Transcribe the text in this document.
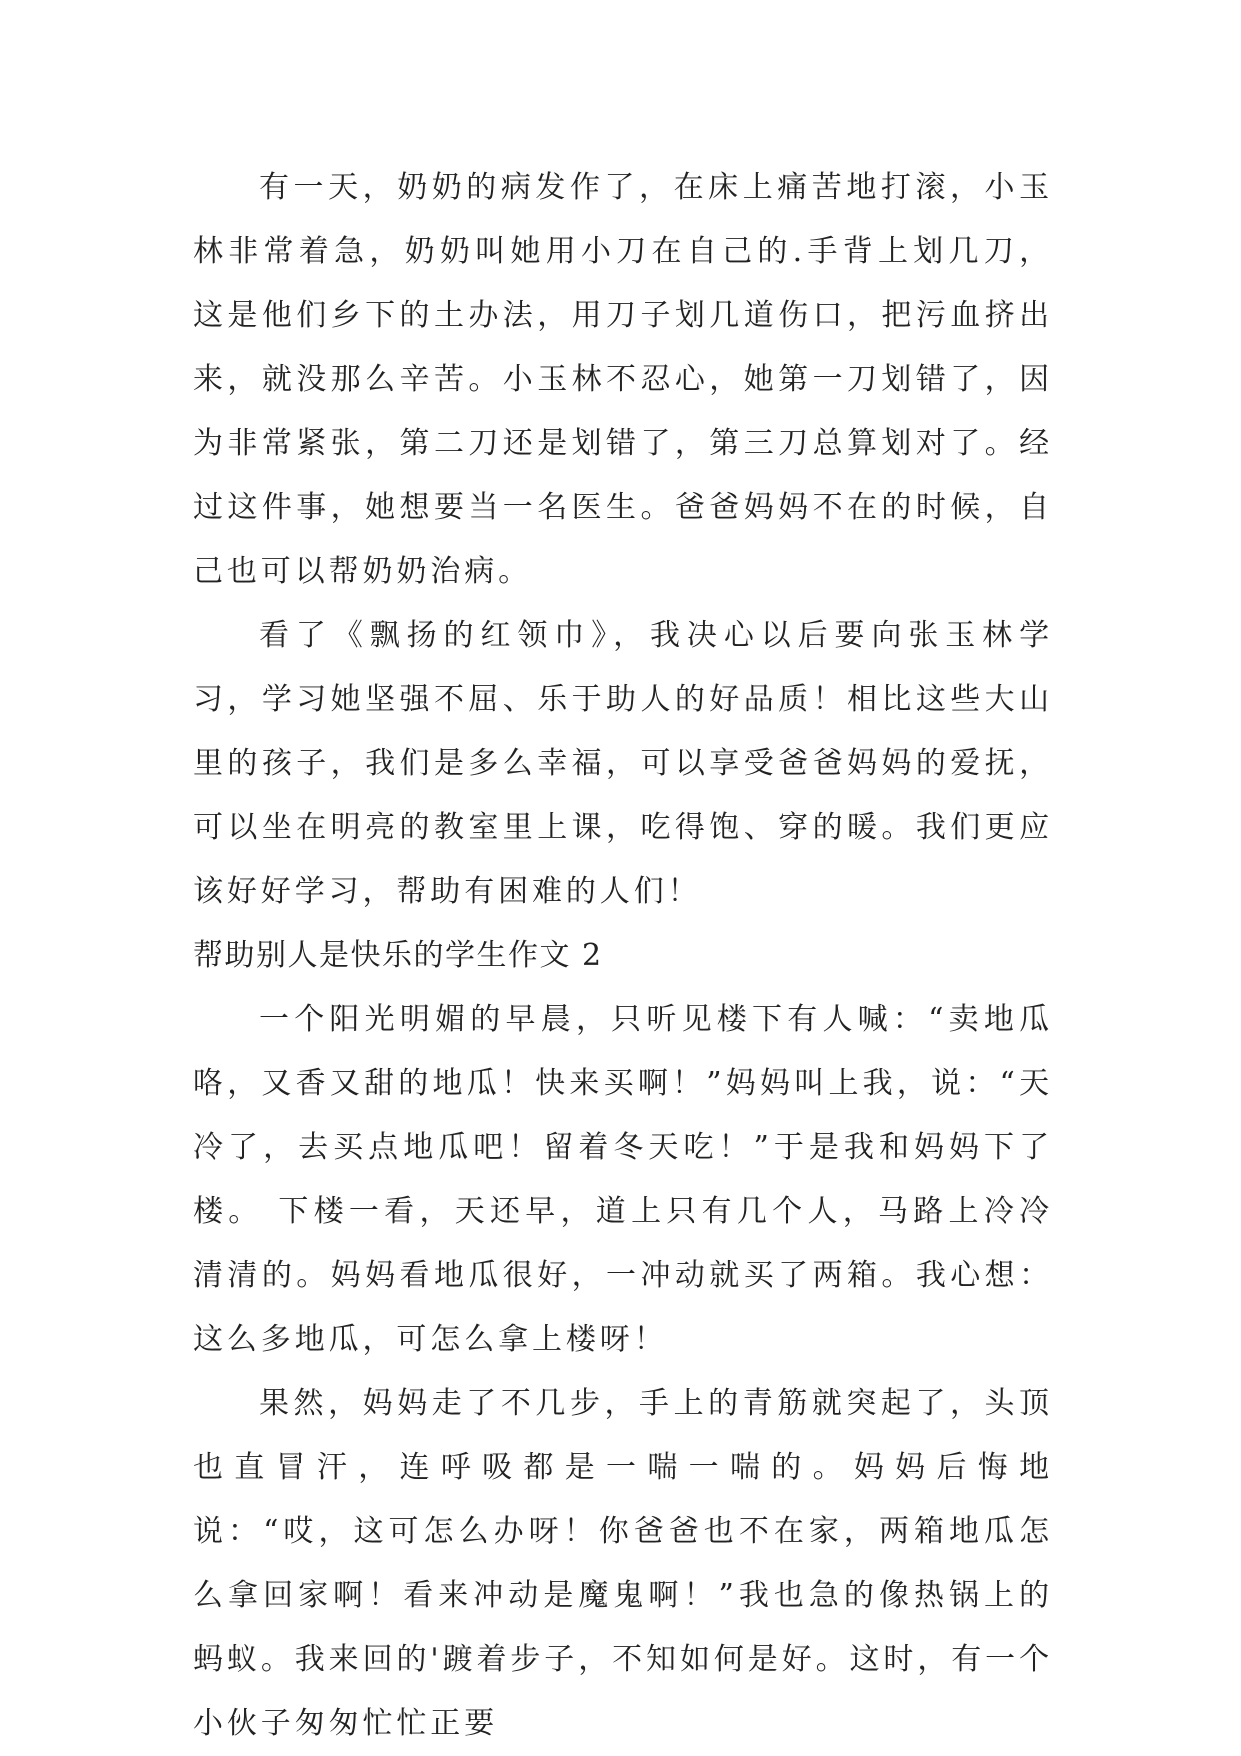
有一天，奶奶的病发作了，在床上痛苦地打滚，小玉林非常着急，奶奶叫她用小刀在自己的.手背上划几刀，这是他们乡下的土办法，用刀子划几道伤口，把污血挤出来，就没那么辛苦。小玉林不忍心，她第一刀划错了，因为非常紧张，第二刀还是划错了，第三刀总算划对了。经过这件事，她想要当一名医生。爸爸妈妈不在的时候，自己也可以帮奶奶治病。

看了《飘扬的红领巾》，我决心以后要向张玉林学习，学习她坚强不屈、乐于助人的好品质！相比这些大山里的孩子，我们是多么幸福，可以享受爸爸妈妈的爱抚，可以坐在明亮的教室里上课，吃得饱、穿的暖。我们更应该好好学习，帮助有困难的人们！

帮助别人是快乐的学生作文 2

一个阳光明媚的早晨，只听见楼下有人喊：“卖地瓜咯，又香又甜的地瓜！快来买啊！”妈妈叫上我，说：“天冷了，去买点地瓜吧！留着冬天吃！”于是我和妈妈下了楼。 下楼一看，天还早，道上只有几个人，马路上冷冷清清的。妈妈看地瓜很好，一冲动就买了两箱。我心想：这么多地瓜，可怎么拿上楼呀！

果然，妈妈走了不几步，手上的青筋就突起了，头顶也直冒汗，连呼吸都是一喘一喘的。妈妈后悔地说：“哎，这可怎么办呀！你爸爸也不在家，两箱地瓜怎么拿回家啊！看来冲动是魔鬼啊！”我也急的像热锅上的蚂蚁。我来回的'踱着步子，不知如何是好。这时，有一个小伙子匆匆忙忙正要
